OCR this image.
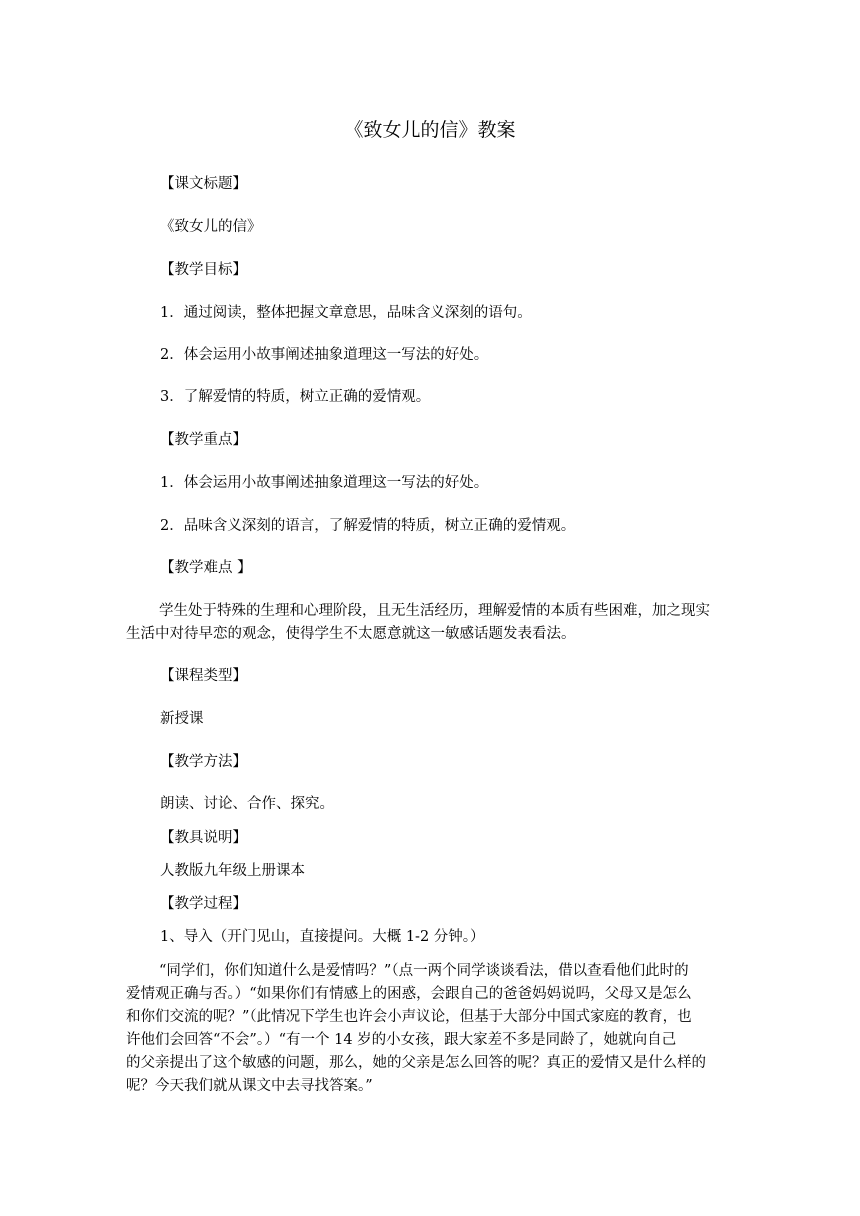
《致女儿的信》教案
【课文标题】
《致女儿的信》
【教学目标】
1．通过阅读，整体把握文章意思，品味含义深刻的语句。
2．体会运用小故事阐述抽象道理这一写法的好处。
3．了解爱情的特质，树立正确的爱情观。
【教学重点】
1．体会运用小故事阐述抽象道理这一写法的好处。
2．品味含义深刻的语言，了解爱情的特质，树立正确的爱情观。
【教学难点 】
学生处于特殊的生理和心理阶段，且无生活经历，理解爱情的本质有些困难，加之现实
生活中对待早恋的观念，使得学生不太愿意就这一敏感话题发表看法。
【课程类型】
新授课
【教学方法】
朗读、讨论、合作、探究。
【教具说明】
人教版九年级上册课本
【教学过程】
1、导入（开门见山，直接提问。大概 1-2 分钟。）
“同学们，你们知道什么是爱情吗？”（点一两个同学谈谈看法，借以查看他们此时的
爱情观正确与否。）“如果你们有情感上的困惑，会跟自己的爸爸妈妈说吗，父母又是怎么
和你们交流的呢？”（此情况下学生也许会小声议论，但基于大部分中国式家庭的教育，也
许他们会回答“不会”。）“有一个 14 岁的小女孩，跟大家差不多是同龄了，她就向自己
的父亲提出了这个敏感的问题，那么，她的父亲是怎么回答的呢？真正的爱情又是什么样的
呢？今天我们就从课文中去寻找答案。”
